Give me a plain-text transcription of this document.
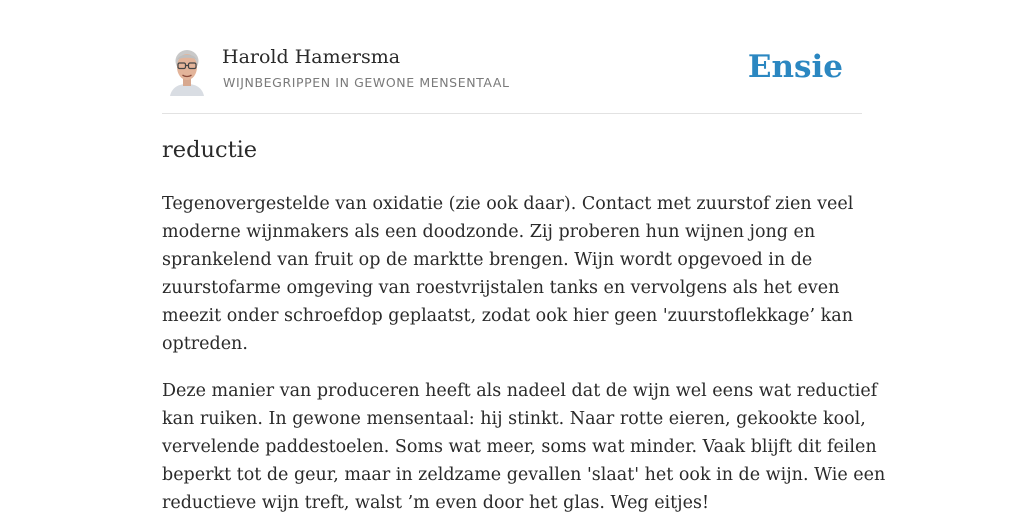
Harold Hamersma
WIJNBEGRIPPEN IN GEWONE MENSENTAAL	Ensie
reductie

Tegenovergestelde van oxidatie (zie ook daar). Contact met zuurstof zien veel
moderne wijnmakers als een doodzonde. Zij proberen hun wijnen jong en
sprankelend van fruit op de marktte brengen. Wijn wordt opgevoed in de
zuurstofarme omgeving van roestvrijstalen tanks en vervolgens als het even
meezit onder schroefdop geplaatst, zodat ook hier geen 'zuurstoflekkage’ kan
optreden.

Deze manier van produceren heeft als nadeel dat de wijn wel eens wat reductief
kan ruiken. In gewone mensentaal: hij stinkt. Naar rotte eieren, gekookte kool,
vervelende paddestoelen. Soms wat meer, soms wat minder. Vaak blijft dit feilen
beperkt tot de geur, maar in zeldzame gevallen 'slaat' het ook in de wijn. Wie een
reductieve wijn treft, walst ’m even door het glas. Weg eitjes!
